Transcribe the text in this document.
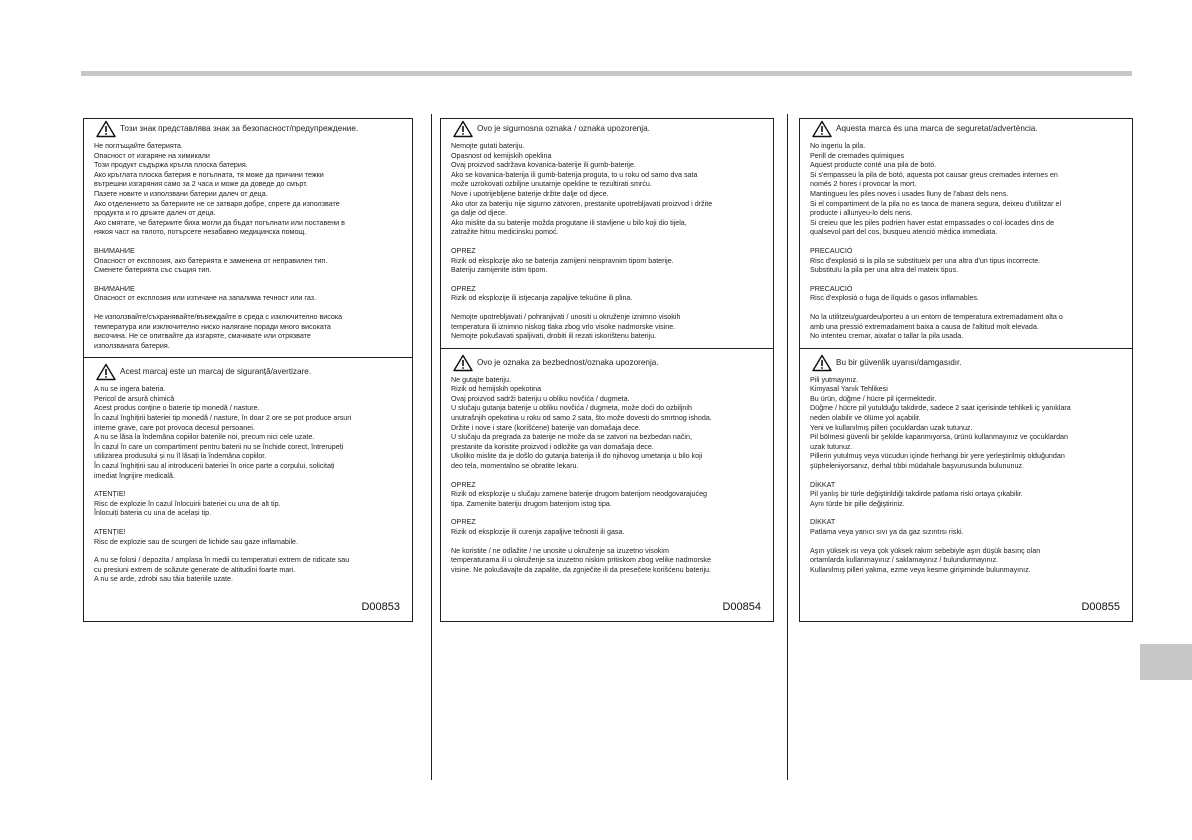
Този знак представлява знак за безопасност/предупреждение.
Не поглъщайте батерията.
Опасност от изгаряне на химикали
Този продукт съдържа кръгла плоска батерия.
Ако кръглата плоска батерия е погълната, тя може да причини тежки
вътрешни изгаряния само за 2 часа и може да доведе до смърт.
Пазете новите и използвани батерии далеч от деца.
Ако отделението за батериите не се затваря добре, спрете да използвате
продукта и го дръжте далеч от деца.
Ако смятате, че батериите биха могли да бъдат погълнати или поставени в
някоя част на тялото, потърсете незабавно медицинска помощ.
ВНИМАНИЕ
Опасност от експлозия, ако батерията е заменена от неправилен тип.
Сменете батерията със същия тип.
ВНИМАНИЕ
Опасност от експлозия или изтичане на запалима течност или газ.
Не използвайте/съхранявайте/въвеждайте в среда с изключително висока
температура или изключително ниско налягане поради много високата
височина. Не се опитвайте да изгаряте, смачквате или отрязвате
използваната батерия.
Acest marcaj este un marcaj de siguranță/avertizare.
A nu se ingera bateria.
Pericol de arsură chimică
Acest produs conține o baterie tip monedă / nasture.
În cazul înghițirii bateriei tip monedă / nasture, în doar 2 ore se pot produce arsuri
interne grave, care pot provoca decesul persoanei.
A nu se lăsa la îndemâna copiilor bateriile noi, precum nici cele uzate.
În cazul în care un compartiment pentru baterii nu se închide corect, întrerupeți
utilizarea produsului și nu îl lăsați la îndemâna copiilor.
În cazul înghițirii sau al introducerii bateriei în orice parte a corpului, solicitați
imediat îngrijire medicală.
ATENȚIE!
Risc de explozie în cazul înlocuirii bateriei cu una de alt tip.
Înlocuiți bateria cu una de același tip.
ATENȚIE!
Risc de explozie sau de scurgeri de lichide sau gaze inflamabile.
A nu se folosi / depozita / amplasa în medii cu temperaturi extrem de ridicate sau
cu presiuni extrem de scăzute generate de altitudini foarte mari.
A nu se arde, zdrobi sau tăia bateriile uzate.
D00853
Ovo je sigurnosna oznaka / oznaka upozorenja.
Nemojte gutati bateriju.
Opasnost od kemijskih opeklina
Ovaj proizvod sadržava kovanica-baterije ili gumb-baterije.
Ako se kovanica-baterija ili gumb-baterija proguta, to u roku od samo dva sata
može uzrokovati ozbiljne unutarnje opekline te rezultirati smrću.
Nove i upotrijebljene baterije držite dalje od djece.
Ako utor za bateriju nije sigurno zatvoren, prestanite upotrebljavati proizvod i držite
ga dalje od djece.
Ako mislite da su baterije možda progutane ili stavljene u bilo koji dio tijela,
zatražite hitnu medicinsku pomoć.
OPREZ
Rizik od eksplozije ako se baterija zamijeni neispravnim tipom baterije.
Bateriju zamijenite istim tipom.
OPREZ
Rizik od eksplozije ili istjecanja zapaljive tekućine ili plina.
Nemojte upotrebljavati / pohranjivati / unositi u okruženje iznimno visokih
temperatura ili iznimno niskog tlaka zbog vrlo visoke nadmorske visine.
Nemojte pokušavati spaljivati, drobiti ili rezati iskorištenu bateriju.
Ovo je oznaka za bezbednost/oznaka upozorenja.
Ne gutajte bateriju.
Rizik od hemijskih opekotina
Ovaj proizvod sadrži bateriju u obliku novčića / dugmeta.
U slučaju gutanja baterije u obliku novčića / dugmeta, može doći do ozbiljnih
unutrašnjih opekotina u roku od samo 2 sata, što može dovesti do smrtnog ishoda.
Držite i nove i stare (korišćene) baterije van domašaja dece.
U slučaju da pregrada za baterije ne može da se zatvori na bezbedan način,
prestanite da koristite proizvod i odložite ga van domašaja dece.
Ukoliko mislite da je došlo do gutanja baterija ili do njihovog umetanja u bilo koji
deo tela, momentalno se obratite lekaru.
OPREZ
Rizik od eksplozije u slučaju zamene baterije drugom baterijom neodgovarajućeg
tipa. Zamenite bateriju drugom baterijom istog tipa.
OPREZ
Rizik od eksplozije ili curenja zapaljive tečnosti ili gasa.
Ne koristite / ne odlažite / ne unosite u okruženje sa izuzetno visokim
temperaturama ili u okruženje sa izuzetno niskim pritiskom zbog velike nadmorske
visine. Ne pokušavajte da zapalite, da zgnječite ili da presečete korišćenu bateriju.
D00854
Aquesta marca és una marca de seguretat/advertència.
No ingeriu la pila.
Perill de cremades químiques
Aquest producte conté una pila de botó.
Si s'empasseu la pila de botó, aquesta pot causar greus cremades internes en
només 2 hores i provocar la mort.
Mantingueu les piles noves i usades lluny de l'abast dels nens.
Si el compartiment de la pila no es tanca de manera segura, deixeu d'utilitzar el
producte i allunyeu-lo dels nens.
Si creieu que les piles podrien haver estat empassades o col·locades dins de
qualsevol part del cos, busqueu atenció mèdica immediata.
PRECAUCIÓ
Risc d'explosió si la pila se substitueix per una altra d'un tipus incorrecte.
Substituïu la pila per una altra del mateix tipus.
PRECAUCIÓ
Risc d'explosió o fuga de líquids o gasos inflamables.
No la utilitzeu/guardeu/porteu a un entorn de temperatura extremadament alta o
amb una pressió extremadament baixa a causa de l'altitud molt elevada.
No intenteu cremar, aixafar o tallar la pila usada.
Bu bir güvenlik uyarısı/damgasıdır.
Pili yutmayınız.
Kimyasal Yanık Tehlikesi
Bu ürün, düğme / hücre pil içermektedir.
Düğme / hücre pil yutulduğu takdirde, sadece 2 saat içerisinde tehlikeli iç yanıklara
neden olabilir ve ölüme yol açabilir.
Yeni ve kullanılmış pilleri çocuklardan uzak tutunuz.
Pil bölmesi güvenli bir şekilde kapanmıyorsa, ürünü kullanmayınız ve çocuklardan
uzak tutunuz.
Pillerin yutulmuş veya vücudun içinde herhangi bir yere yerleştirilmiş olduğundan
şüpheleniyorsanız, derhal tıbbi müdahale başvurusunda bulununuz.
DİKKAT
Pil yanlış bir türle değiştirildiği takdirde patlama riski ortaya çıkabilir.
Aynı türde bir pille değiştiriniz.
DİKKAT
Patlama veya yanıcı sıvı ya da gaz sızıntısı riski.
Aşırı yüksek ısı veya çok yüksek rakım sebebiyle aşırı düşük basınç olan
ortamlarda kullanmayınız / saklamayınız / bulundurmayınız.
Kullanılmış pilleri yakma, ezme veya kesme girişiminde bulunmayınız.
D00855
